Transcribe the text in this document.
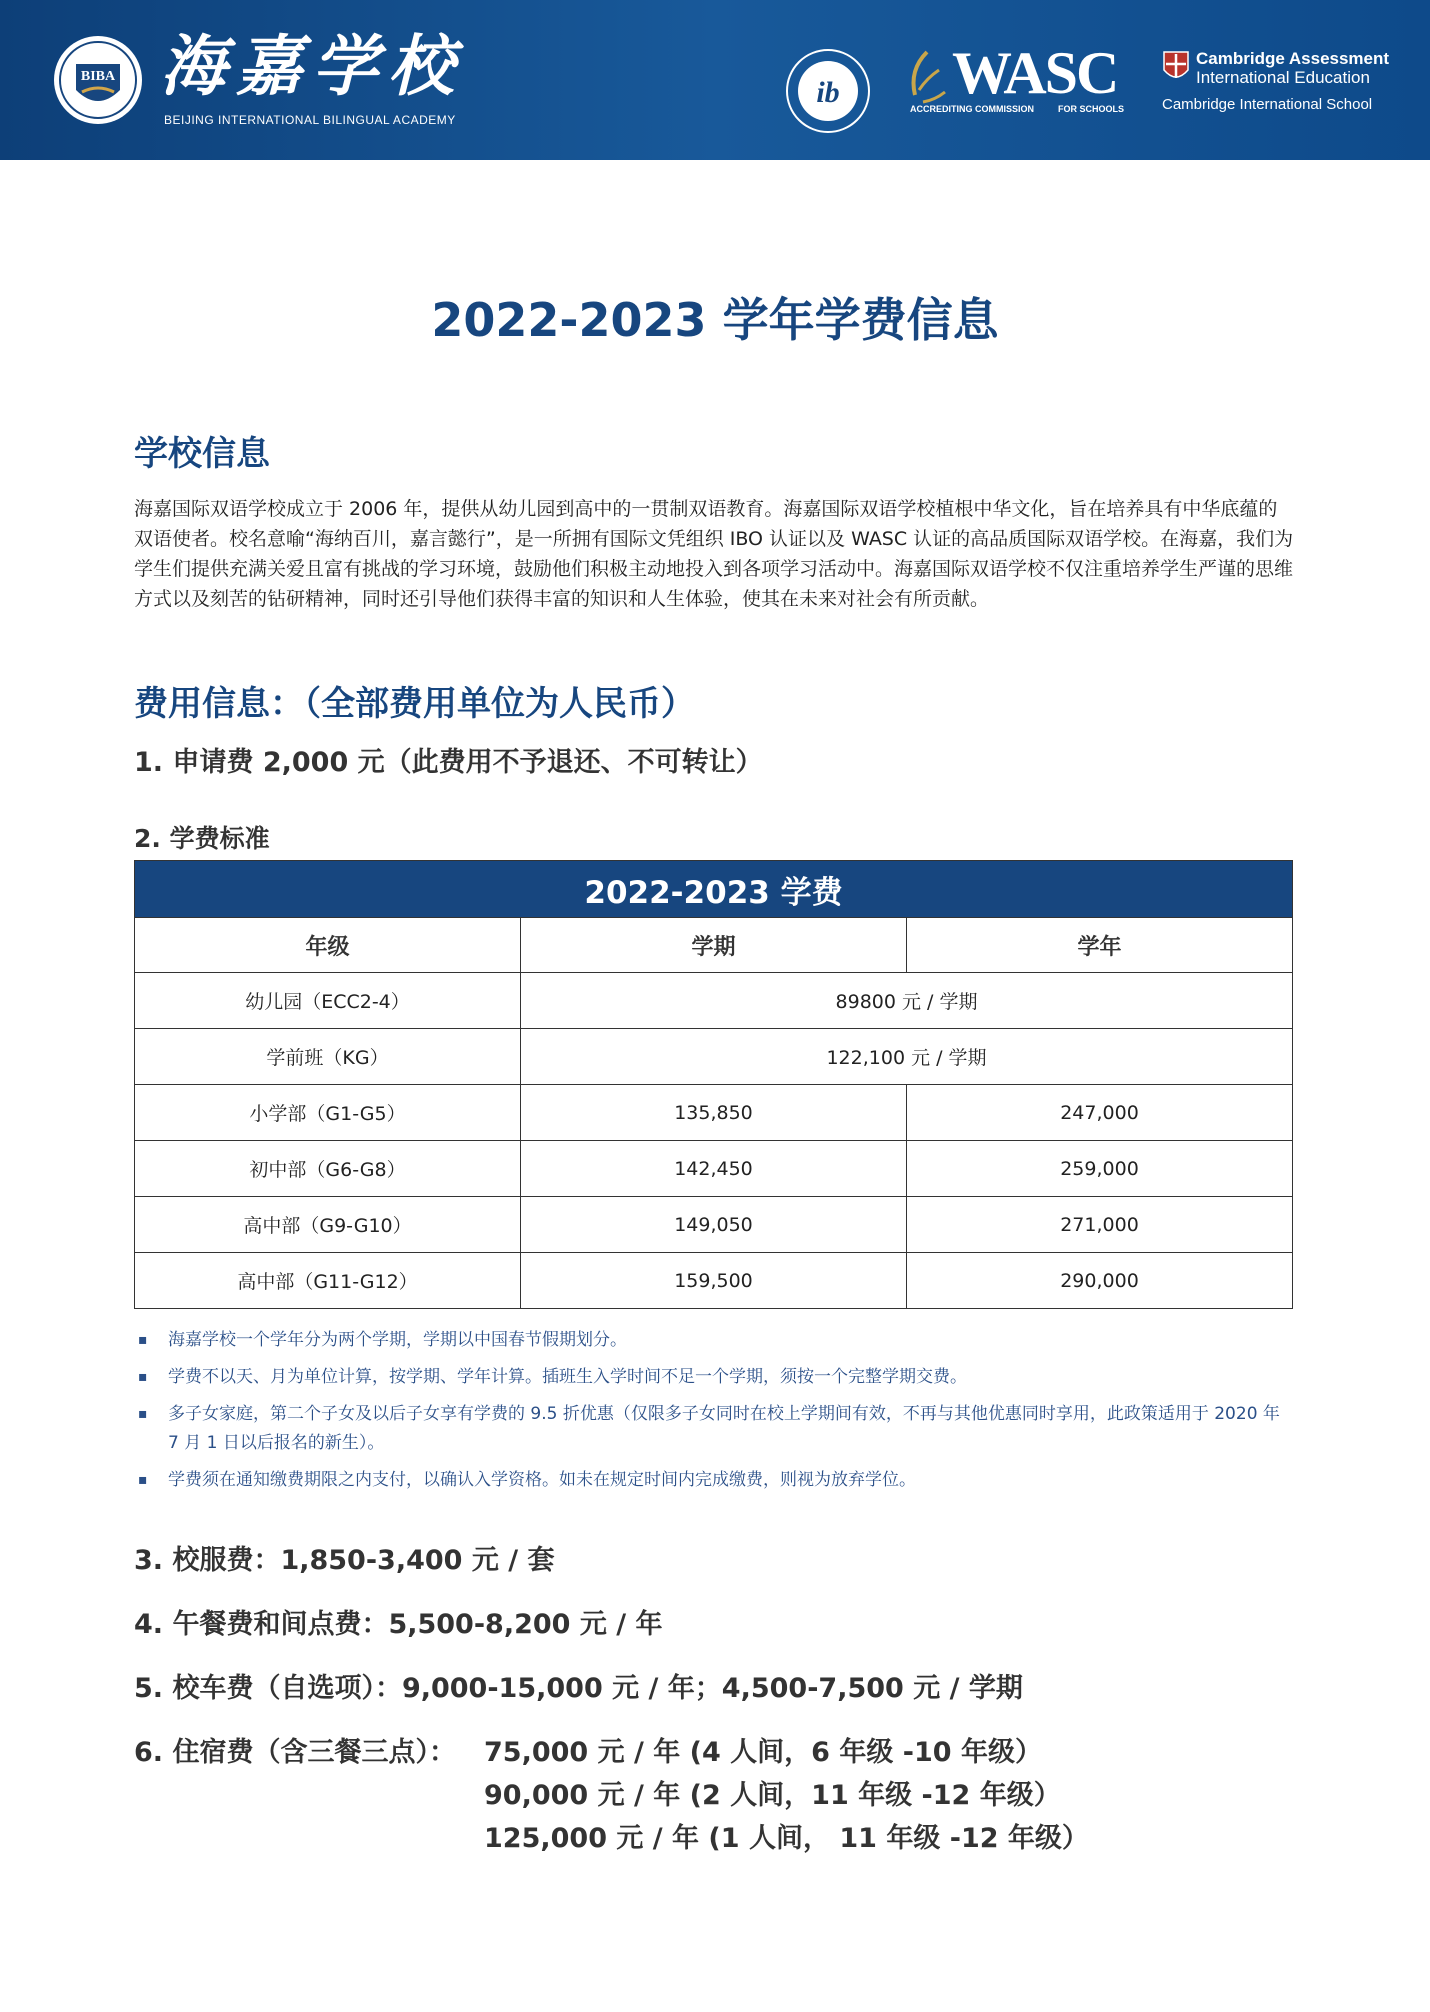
BIBA 海嘉学校
BEIJING INTERNATIONAL BILINGUAL ACADEMY
ib WASC
ACCREDITING COMMISSION	FOR SCHOOLS
Cambridge Assessment
International Education
Cambridge International School
2022-2023 学年学费信息
学校信息
海嘉国际双语学校成立于 2006 年，提供从幼儿园到高中的一贯制双语教育。海嘉国际双语学校植根中华文化，旨在培养具有中华底蕴的双语使者。校名意喻“海纳百川，嘉言懿行”，是一所拥有国际文凭组织 IBO 认证以及 WASC 认证的高品质国际双语学校。在海嘉，我们为学生们提供充满关爱且富有挑战的学习环境，鼓励他们积极主动地投入到各项学习活动中。海嘉国际双语学校不仅注重培养学生严谨的思维方式以及刻苦的钻研精神，同时还引导他们获得丰富的知识和人生体验，使其在未来对社会有所贡献。
费用信息：（全部费用单位为人民币）
1. 申请费 2,000 元（此费用不予退还、不可转让）
2. 学费标准
2022-2023 学费		
年级	学期	学年
幼儿园（ECC2-4）	89800 元 / 学期	
学前班（KG）	122,100 元 / 学期	
小学部（G1-G5）	135,850	247,000
初中部（G6-G8）	142,450	259,000
高中部（G9-G10）	149,050	271,000
高中部（G11-G12）	159,500	290,000
▪ 海嘉学校一个学年分为两个学期，学期以中国春节假期划分。
▪ 学费不以天、月为单位计算，按学期、学年计算。插班生入学时间不足一个学期，须按一个完整学期交费。
▪ 多子女家庭，第二个子女及以后子女享有学费的 9.5 折优惠（仅限多子女同时在校上学期间有效，不再与其他优惠同时享用，此政策适用于 2020 年 7 月 1 日以后报名的新生）。
▪ 学费须在通知缴费期限之内支付，以确认入学资格。如未在规定时间内完成缴费，则视为放弃学位。
3. 校服费：1,850-3,400 元 / 套
4. 午餐费和间点费：5,500-8,200 元 / 年
5. 校车费（自选项）：9,000-15,000 元 / 年；4,500-7,500 元 / 学期
6. 住宿费（含三餐三点）： 75,000 元 / 年 (4 人间，6 年级 -10 年级）
90,000 元 / 年 (2 人间，11 年级 -12 年级）
125,000 元 / 年 (1 人间， 11 年级 -12 年级）
